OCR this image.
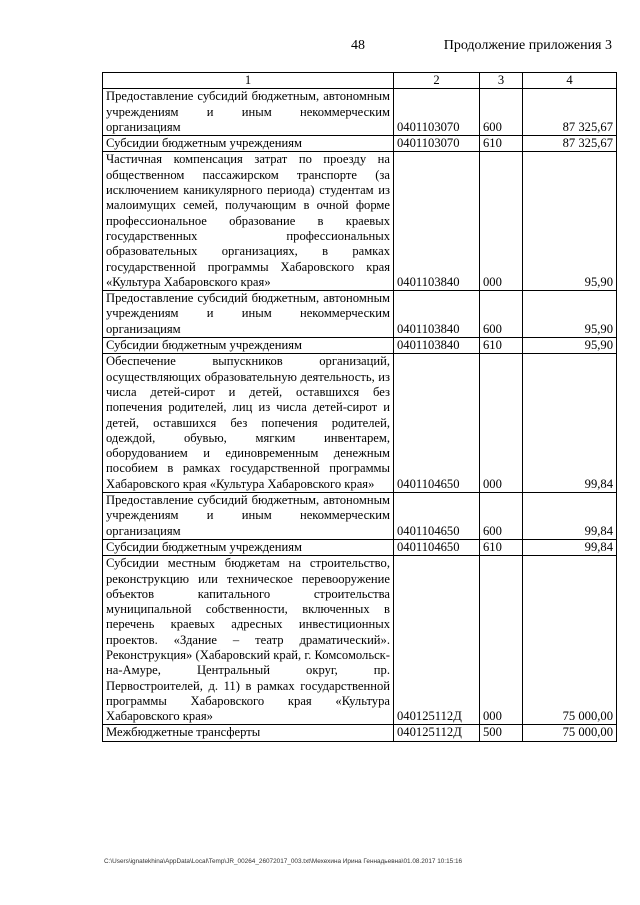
48	Продолжение приложения 3
1	2	3	4
Предоставление субсидий бюджетным, автономным учреждениям и иным некоммерческим организациям	0401103070	600	87 325,67
Субсидии бюджетным учреждениям	0401103070	610	87 325,67
Частичная компенсация затрат по проезду на общественном пассажирском транспорте (за исключением каникулярного периода) студентам из малоимущих семей, получающим в очной форме профессиональное образование в краевых государственных профессиональных образовательных организациях, в рамках государственной программы Хабаровского края «Культура Хабаровского края»	0401103840	000	95,90
Предоставление субсидий бюджетным, автономным учреждениям и иным некоммерческим организациям	0401103840	600	95,90
Субсидии бюджетным учреждениям	0401103840	610	95,90
Обеспечение выпускников организаций, осуществляющих образовательную деятельность, из числа детей-сирот и детей, оставшихся без попечения родителей, лиц из числа детей-сирот и детей, оставшихся без попечения родителей, одеждой, обувью, мягким инвентарем, оборудованием и единовременным денежным пособием в рамках государственной программы Хабаровского края «Культура Хабаровского края»	0401104650	000	99,84
Предоставление субсидий бюджетным, автономным учреждениям и иным некоммерческим организациям	0401104650	600	99,84
Субсидии бюджетным учреждениям	0401104650	610	99,84
Субсидии местным бюджетам на строительство, реконструкцию или техническое перевооружение объектов капитального строительства муниципальной собственности, включенных в перечень краевых адресных инвестиционных проектов. «Здание – театр драматический». Реконструкция» (Хабаровский край, г. Комсомольск-на-Амуре, Центральный округ, пр. Первостроителей, д. 11) в рамках государственной программы Хабаровского края «Культура Хабаровского края»	040125112Д	000	75 000,00
Межбюджетные трансферты	040125112Д	500	75 000,00
C:\Users\ignatekhina\AppData\Local\Temp\JR_00264_26072017_003.txt\Мехехина Ирина Геннадьевна\01.08.2017 10:15:16
